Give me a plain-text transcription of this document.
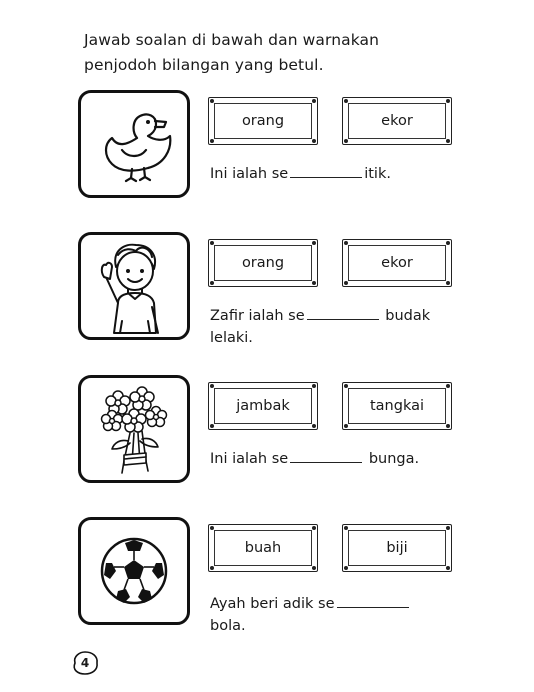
Jawab soalan di bawah dan warnakan
penjodoh bilangan yang betul.
orang	ekor
Ini ialah se	itik.
orang	ekor
Zafir ialah se	budak lelaki.
jambak	tangkai
Ini ialah se	bunga.
buah	biji
Ayah beri adik se bola.
4
